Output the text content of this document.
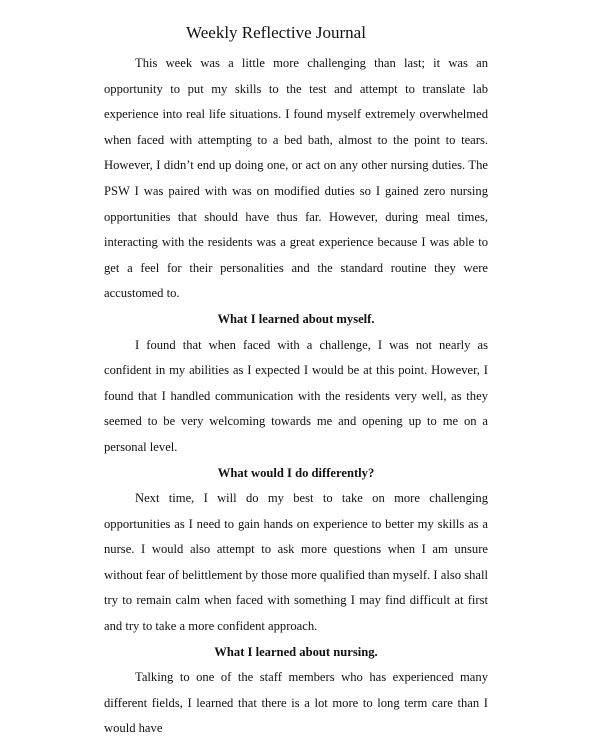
Weekly Reflective Journal

This week was a little more challenging than last; it was an opportunity to put my skills to the test and attempt to translate lab experience into real life situations. I found myself extremely overwhelmed when faced with attempting to a bed bath, almost to the point to tears. However, I didn’t end up doing one, or act on any other nursing duties. The PSW I was paired with was on modified duties so I gained zero nursing opportunities that should have thus far. However, during meal times, interacting with the residents was a great experience because I was able to get a feel for their personalities and the standard routine they were accustomed to.

What I learned about myself.

I found that when faced with a challenge, I was not nearly as confident in my abilities as I expected I would be at this point. However, I found that I handled communication with the residents very well, as they seemed to be very welcoming towards me and opening up to me on a personal level.

What would I do differently?

Next time, I will do my best to take on more challenging opportunities as I need to gain hands on experience to better my skills as a nurse. I would also attempt to ask more questions when I am unsure without fear of belittlement by those more qualified than myself. I also shall try to remain calm when faced with something I may find difficult at first and try to take a more confident approach.

What I learned about nursing.

Talking to one of the staff members who has experienced many different fields, I learned that there is a lot more to long term care than I would have
